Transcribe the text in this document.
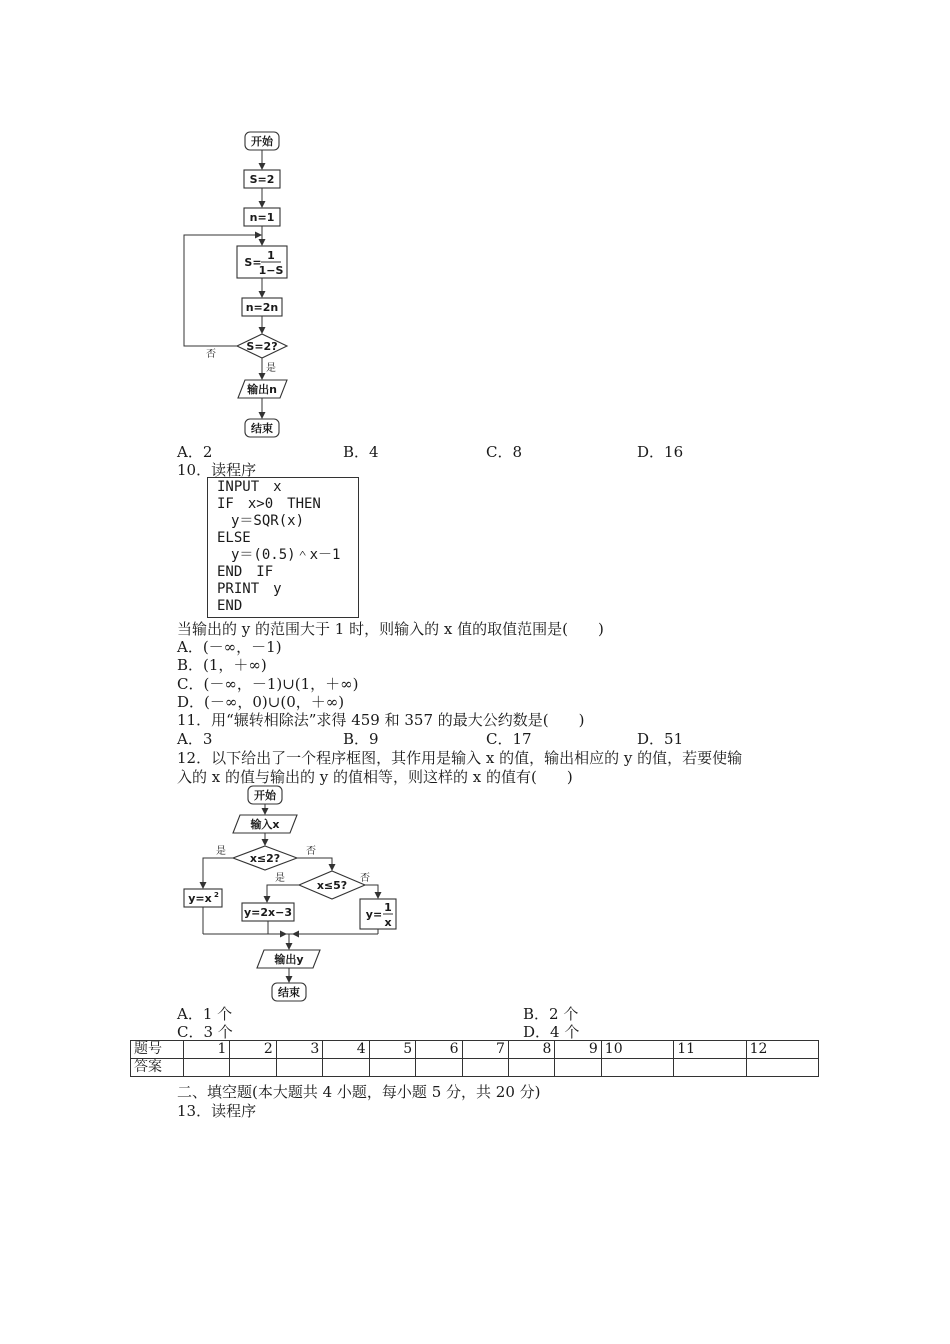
开始
S=2
n=1
S=
1
1−S
n=2n
S=2?
否
是
输出n
结束
A．2	B．4	C．8	D．16
10．读程序
INPUT　x
IF　x>0　THEN
　y＝SQR(x)
ELSE
　y＝(0.5)＾x－1
END　IF
PRINT　y
END
当输出的 y 的范围大于 1 时，则输入的 x 值的取值范围是(　　)
A．(－∞，－1)
B．(1，＋∞)
C．(－∞，－1)∪(1，＋∞)
D．(－∞，0)∪(0，＋∞)
11．用“辗转相除法”求得 459 和 357 的最大公约数是(　　)
A．3	B．9	C．17	D．51
12．以下给出了一个程序框图，其作用是输入 x 的值，输出相应的 y 的值，若要使输
入的 x 的值与输出的 y 的值相等，则这样的 x 的值有(　　)
开始
输入x
x≤2?
是	否
y=x 2
x≤5?
是	否
y=2x−3	y=
1
x
输出y
结束
A．1 个	B．2 个
C．3 个	D．4 个
题号	1	2	3	4	5	6	7	8	9	10	11	12
答案												
二、填空题(本大题共 4 小题，每小题 5 分，共 20 分)
13．读程序
